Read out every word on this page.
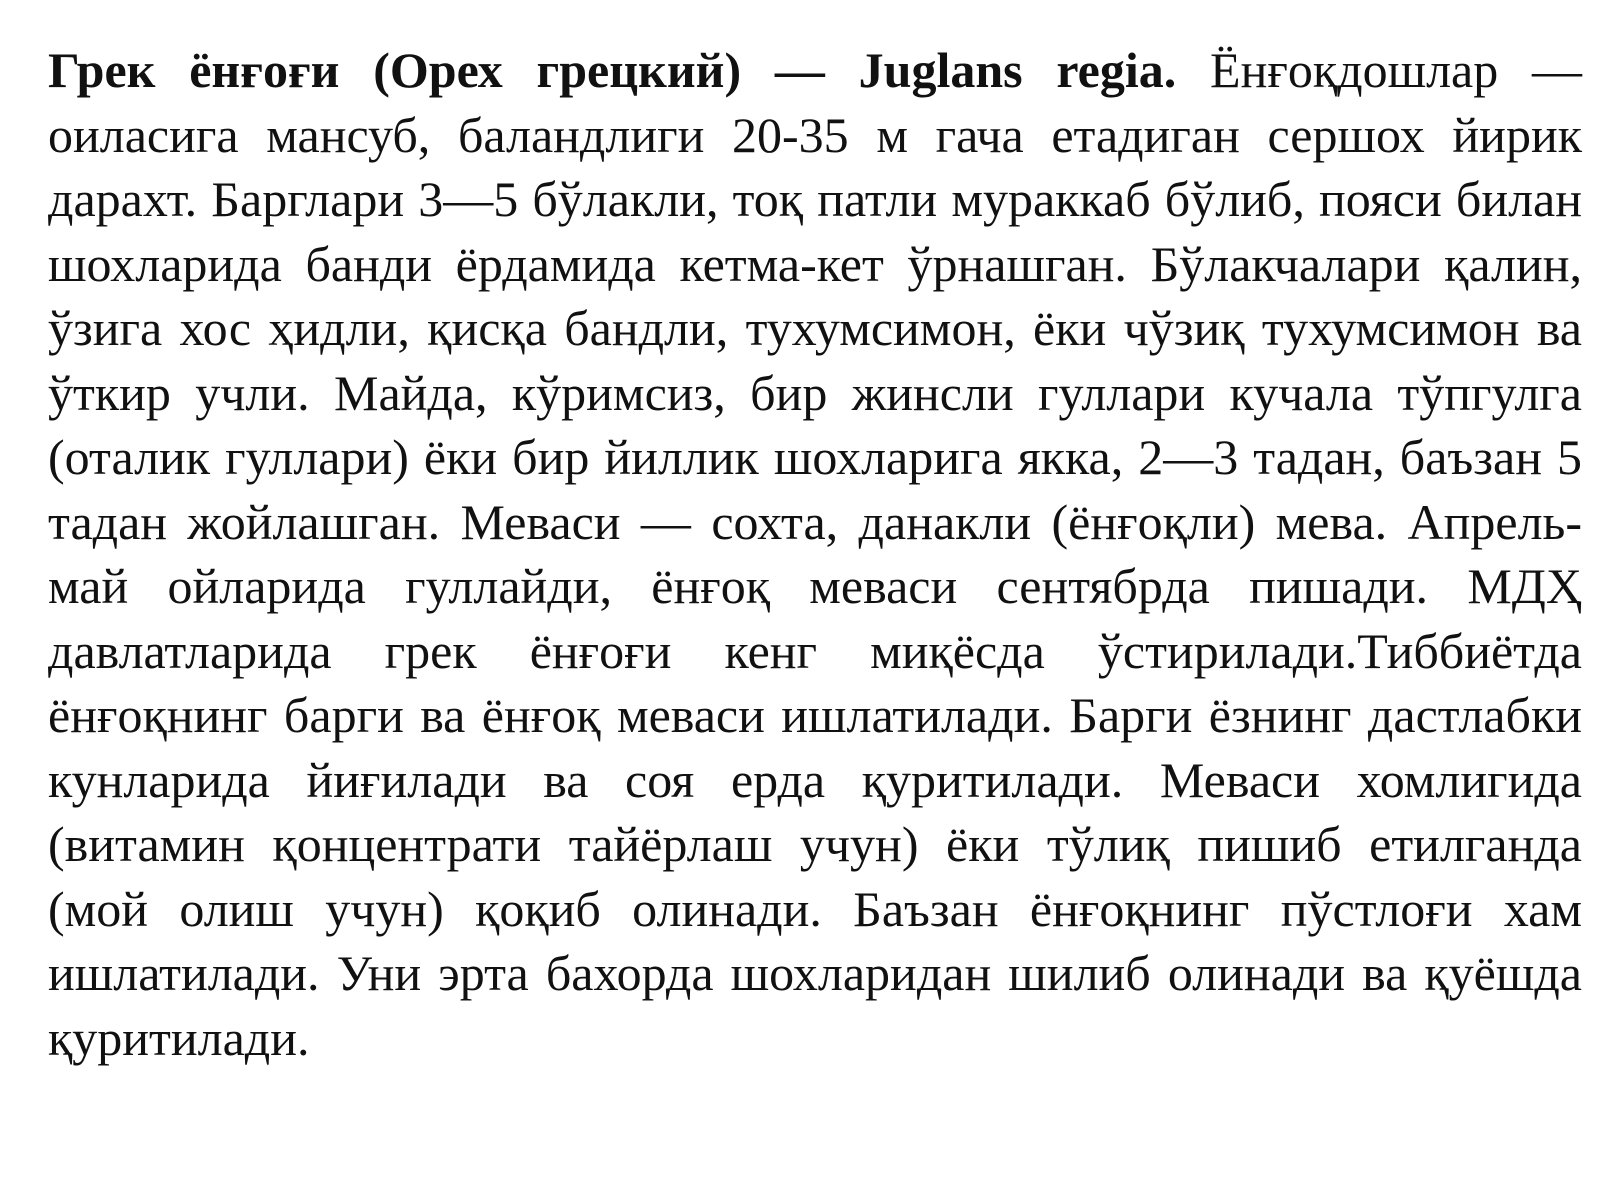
Грек ёнғоғи (Орех грецкий) — Juglans regia. Ёнғоқдошлар — оиласига мансуб, баландлиги 20-35 м гача етадиган сершох йирик дарахт. Барглари 3—5 бўлакли, тоқ патли мураккаб бўлиб, пояси билан шохларида банди ёрдамида кетма-кет ўрнашган. Бўлакчалари қалин, ўзига хос ҳидли, қисқа бандли, тухумсимон, ёки чўзиқ тухумсимон ва ўткир учли. Майда, кўримсиз, бир жинсли гуллари кучала тўпгулга (оталик гуллари) ёки бир йиллик шохларига якка, 2—3 тадан, баъзан 5 тадан жойлашган. Меваси — сохта, данакли (ёнғоқли) мева. Апрель-май ойларида гуллайди, ёнғоқ меваси сентябрда пишади. МДҲ давлатларида грек ёнғоғи кенг миқёсда ўстирилади.Тиббиётда ёнғоқнинг барги ва ёнғоқ меваси ишлатилади. Барги ёзнинг дастлабки кунларида йиғилади ва соя ерда қуритилади. Меваси хомлигида (витамин қонцентрати тайёрлаш учун) ёки тўлиқ пишиб етилганда (мой олиш учун) қоқиб олинади. Баъзан ёнғоқнинг пўстлоғи хам ишлатилади. Уни эрта бахорда шохларидан шилиб олинади ва қуёшда қуритилади.
